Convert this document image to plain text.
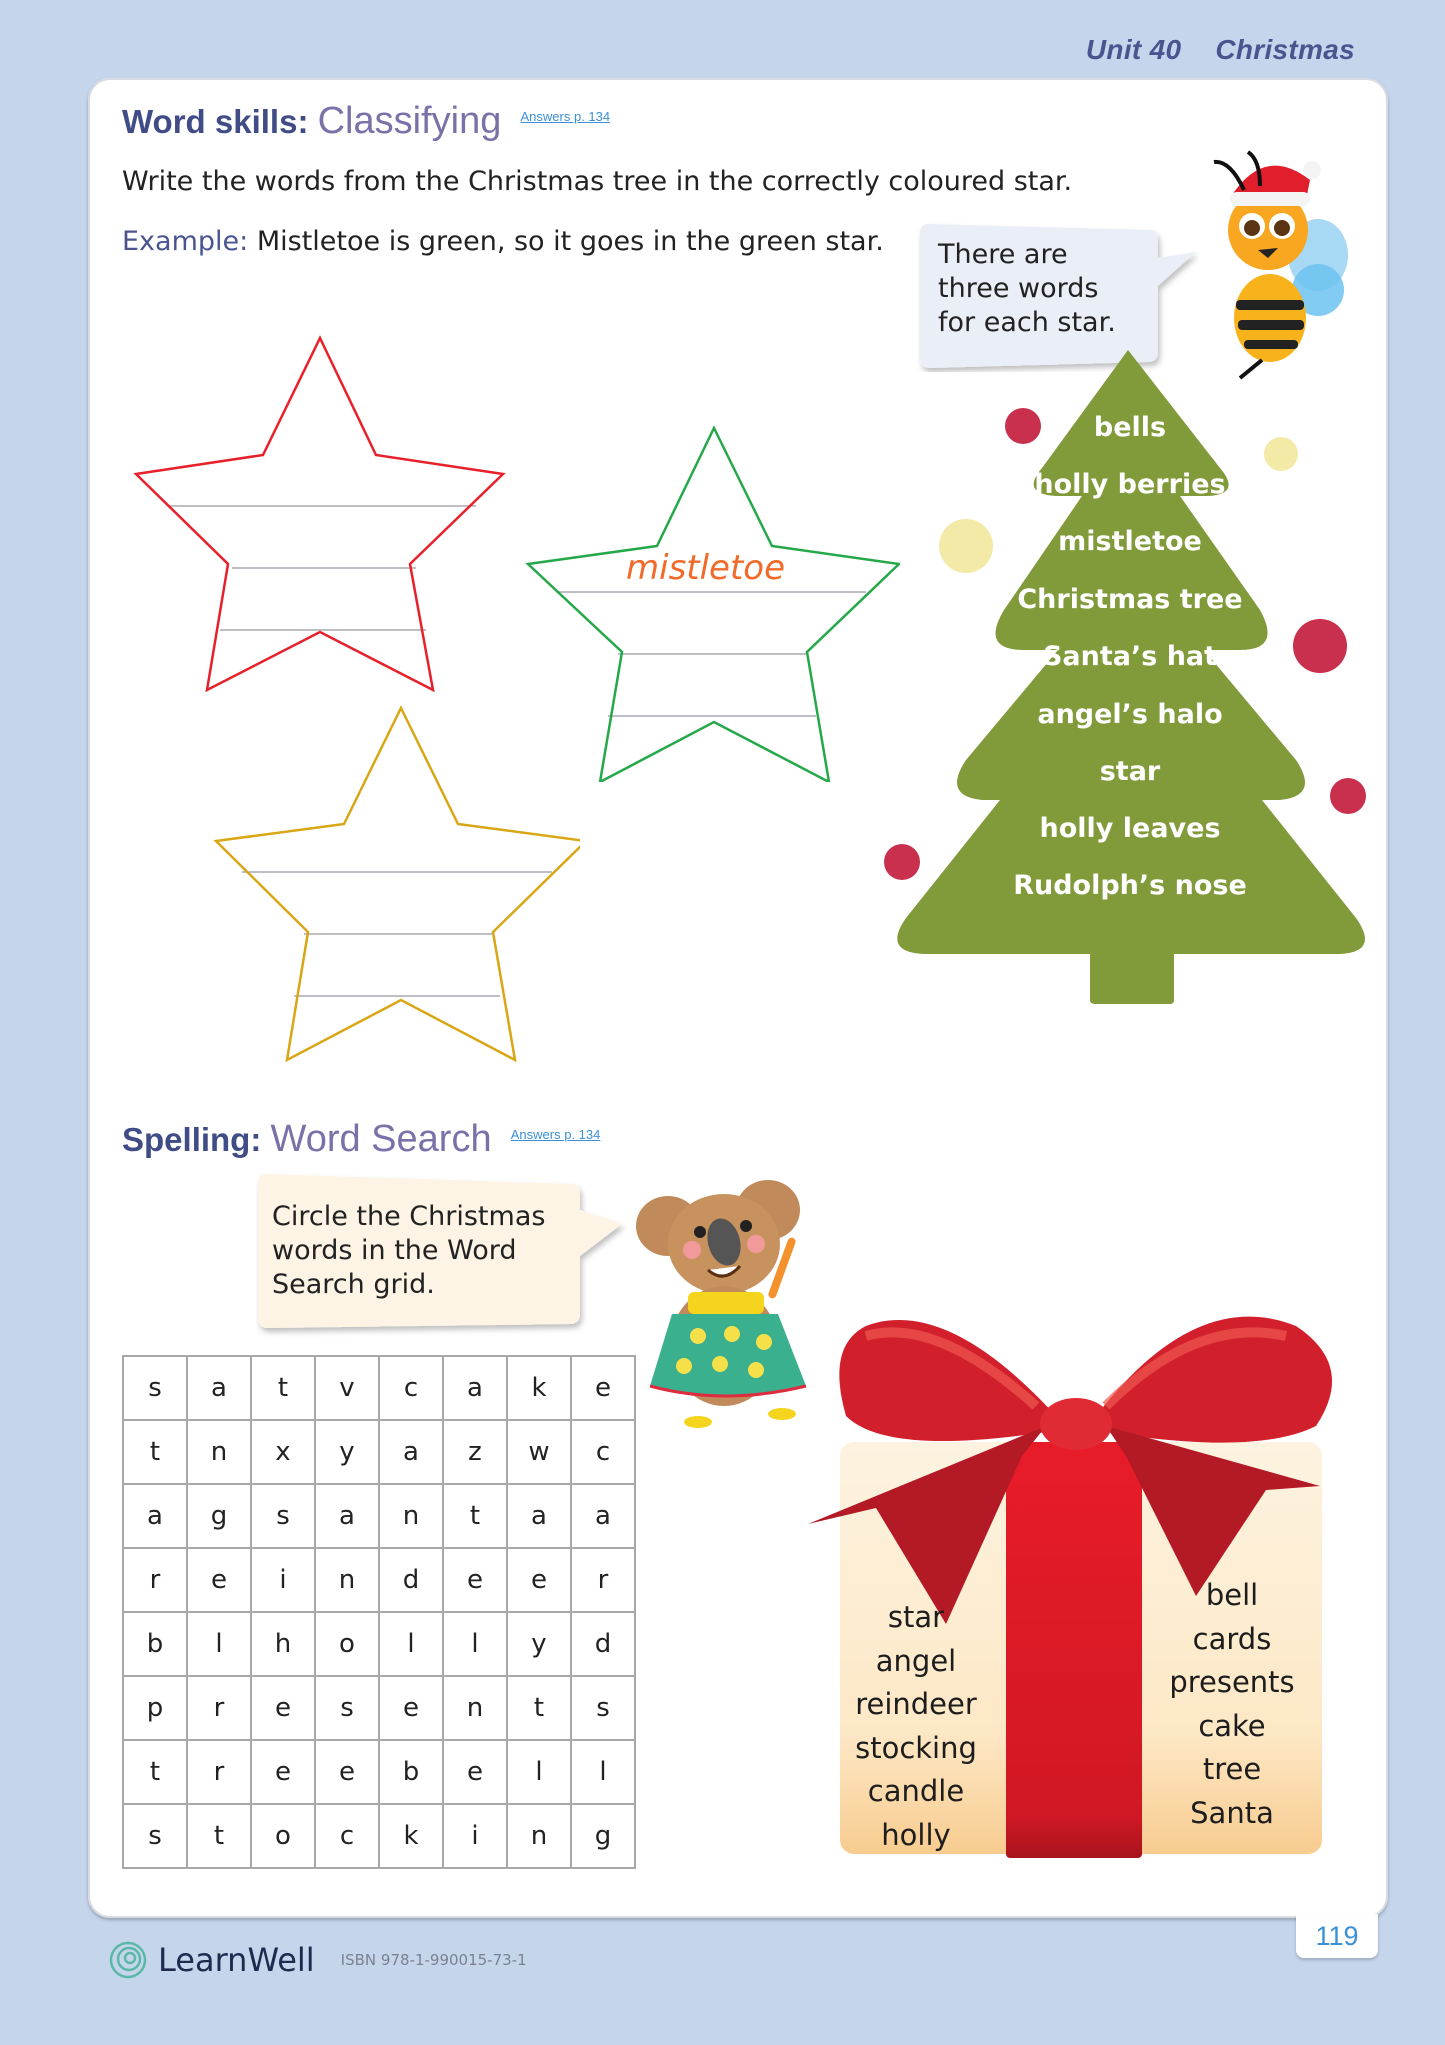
Unit 40 Christmas
Word skills: Classifying $^{Answers p. 134}$
Write the words from the Christmas tree in the correctly coloured star.
Example: Mistletoe is green, so it goes in the green star. There are
three words
for each star.
mistletoe
bells
holly berries
mistletoe
Christmas tree
Santa’s hat
angel’s halo
star
holly leaves
Rudolph’s nose
Spelling: Word Search $^{Answers p. 134}$
Circle the Christmas
words in the Word
Search grid.
s	a	t	v	c	a	k	e
t	n	x	y	a	z	w	c
a	g	s	a	n	t	a	a
r	e	i	n	d	e	e	r
b	l	h	o	l	l	y	d
p	r	e	s	e	n	t	s
t	r	e	e	b	e	l	l
s	t	o	c	k	i	n	g
star
angel
reindeer
stocking
candle
holly
bell
cards
presents
cake
tree
Santa
119
LearnWell ISBN 978-1-990015-73-1
